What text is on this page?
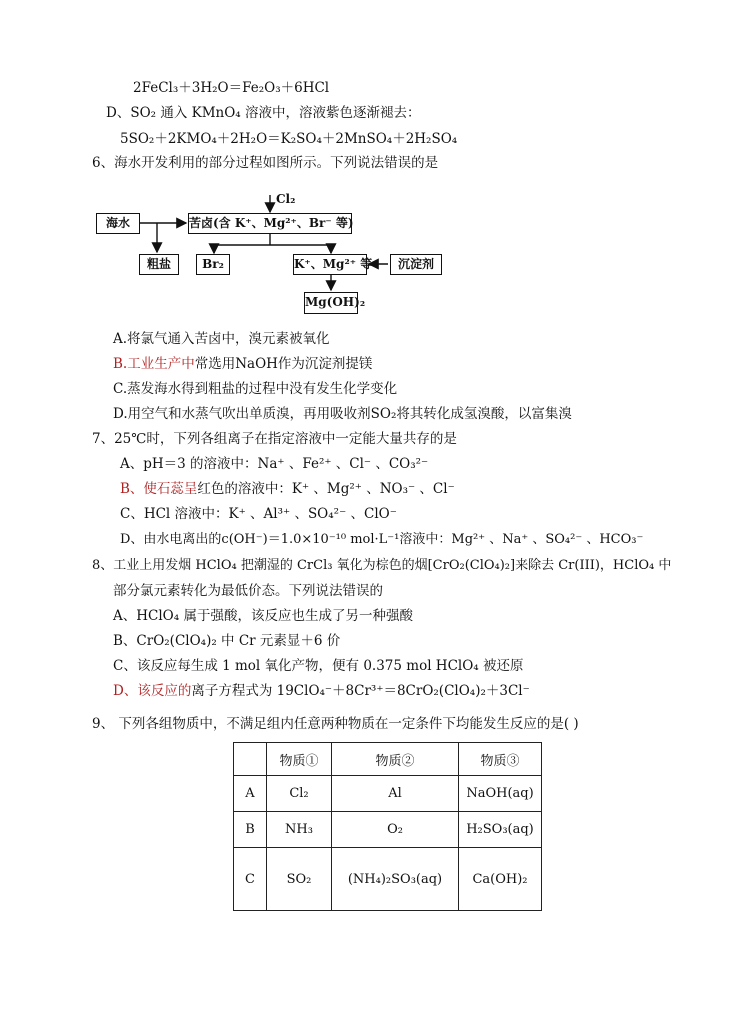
2FeCl₃＋3H₂O＝Fe₂O₃＋6HCl
D、SO₂ 通入 KMnO₄ 溶液中，溶液紫色逐渐褪去：
5SO₂＋2KMO₄＋2H₂O＝K₂SO₄＋2MnSO₄＋2H₂SO₄
6、海水开发利用的部分过程如图所示。下列说法错误的是
Cl₂
海水	苦卤(含 K⁺、Mg²⁺、Br⁻ 等)
粗盐	Br₂	K⁺、Mg²⁺ 等	沉淀剂
Mg(OH)₂
A.将氯气通入苦卤中，溴元素被氧化
B.工业生产中常选用NaOH作为沉淀剂提镁
C.蒸发海水得到粗盐的过程中没有发生化学变化
D.用空气和水蒸气吹出单质溴，再用吸收剂SO₂将其转化成氢溴酸，以富集溴
7、25℃时，下列各组离子在指定溶液中一定能大量共存的是
A、pH＝3 的溶液中：Na⁺ 、Fe²⁺ 、Cl⁻ 、CO₃²⁻
B、使石蕊呈红色的溶液中：K⁺ 、Mg²⁺ 、NO₃⁻ 、Cl⁻
C、HCl 溶液中：K⁺ 、Al³⁺ 、SO₄²⁻ 、ClO⁻
D、由水电离出的c(OH⁻)＝1.0×10⁻¹⁰ mol·L⁻¹溶液中：Mg²⁺ 、Na⁺ 、SO₄²⁻ 、HCO₃⁻
8、工业上用发烟 HClO₄ 把潮湿的 CrCl₃ 氧化为棕色的烟[CrO₂(ClO₄)₂]来除去 Cr(III)，HClO₄ 中
部分氯元素转化为最低价态。下列说法错误的
A、HClO₄ 属于强酸，该反应也生成了另一种强酸
B、CrO₂(ClO₄)₂ 中 Cr 元素显＋6 价
C、该反应每生成 1 mol 氧化产物，便有 0.375 mol HClO₄ 被还原
D、该反应的离子方程式为 19ClO₄⁻＋8Cr³⁺＝8CrO₂(ClO₄)₂＋3Cl⁻
9、 下列各组物质中，不满足组内任意两种物质在一定条件下均能发生反应的是( )
	物质①	物质②	物质③
A	Cl₂	Al	NaOH(aq)
B	NH₃	O₂	H₂SO₃(aq)
C	SO₂	(NH₄)₂SO₃(aq)	Ca(OH)₂
